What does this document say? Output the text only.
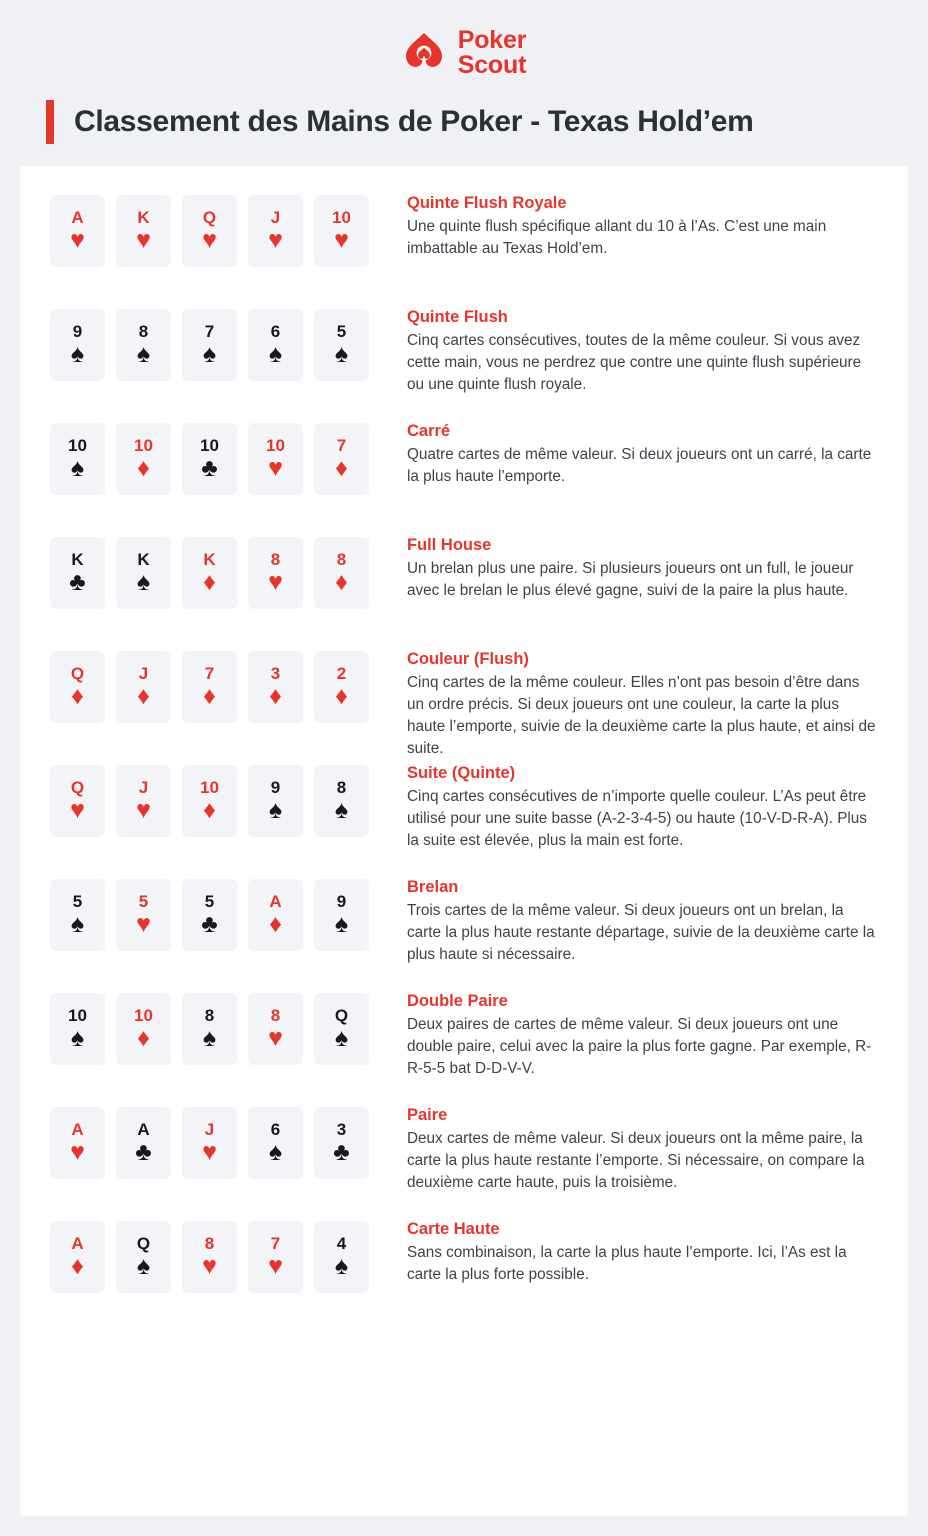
Poker
Scout
Classement des Mains de Poker - Texas Hold’em
A
♥
K
♥
Q
♥
J
♥
10
♥
Quinte Flush Royale
Une quinte flush spécifique allant du 10 à l’As. C’est une main imbattable au Texas Hold’em.
9
♠
8
♠
7
♠
6
♠
5
♠
Quinte Flush
Cinq cartes consécutives, toutes de la même couleur. Si vous avez cette main, vous ne perdrez que contre une quinte flush supérieure ou une quinte flush royale.
10
♠
10
♦
10
♣
10
♥
7
♦
Carré
Quatre cartes de même valeur. Si deux joueurs ont un carré, la carte la plus haute l’emporte.
K
♣
K
♠
K
♦
8
♥
8
♦
Full House
Un brelan plus une paire. Si plusieurs joueurs ont un full, le joueur avec le brelan le plus élevé gagne, suivi de la paire la plus haute.
Q
♦
J
♦
7
♦
3
♦
2
♦
Couleur (Flush)
Cinq cartes de la même couleur. Elles n’ont pas besoin d’être dans un ordre précis. Si deux joueurs ont une couleur, la carte la plus haute l’emporte, suivie de la deuxième carte la plus haute, et ainsi de suite.
Q
♥
J
♥
10
♦
9
♠
8
♠
Suite (Quinte)
Cinq cartes consécutives de n’importe quelle couleur. L’As peut être utilisé pour une suite basse (A-2-3-4-5) ou haute (10-V-D-R-A). Plus la suite est élevée, plus la main est forte.
5
♠
5
♥
5
♣
A
♦
9
♠
Brelan
Trois cartes de la même valeur. Si deux joueurs ont un brelan, la carte la plus haute restante départage, suivie de la deuxième carte la plus haute si nécessaire.
10
♠
10
♦
8
♠
8
♥
Q
♠
Double Paire
Deux paires de cartes de même valeur. Si deux joueurs ont une double paire, celui avec la paire la plus forte gagne. Par exemple, R-R-5-5 bat D-D-V-V.
A
♥
A
♣
J
♥
6
♠
3
♣
Paire
Deux cartes de même valeur. Si deux joueurs ont la même paire, la carte la plus haute restante l’emporte. Si nécessaire, on compare la deuxième carte haute, puis la troisième.
A
♦
Q
♠
8
♥
7
♥
4
♠
Carte Haute
Sans combinaison, la carte la plus haute l’emporte. Ici, l’As est la carte la plus forte possible.
